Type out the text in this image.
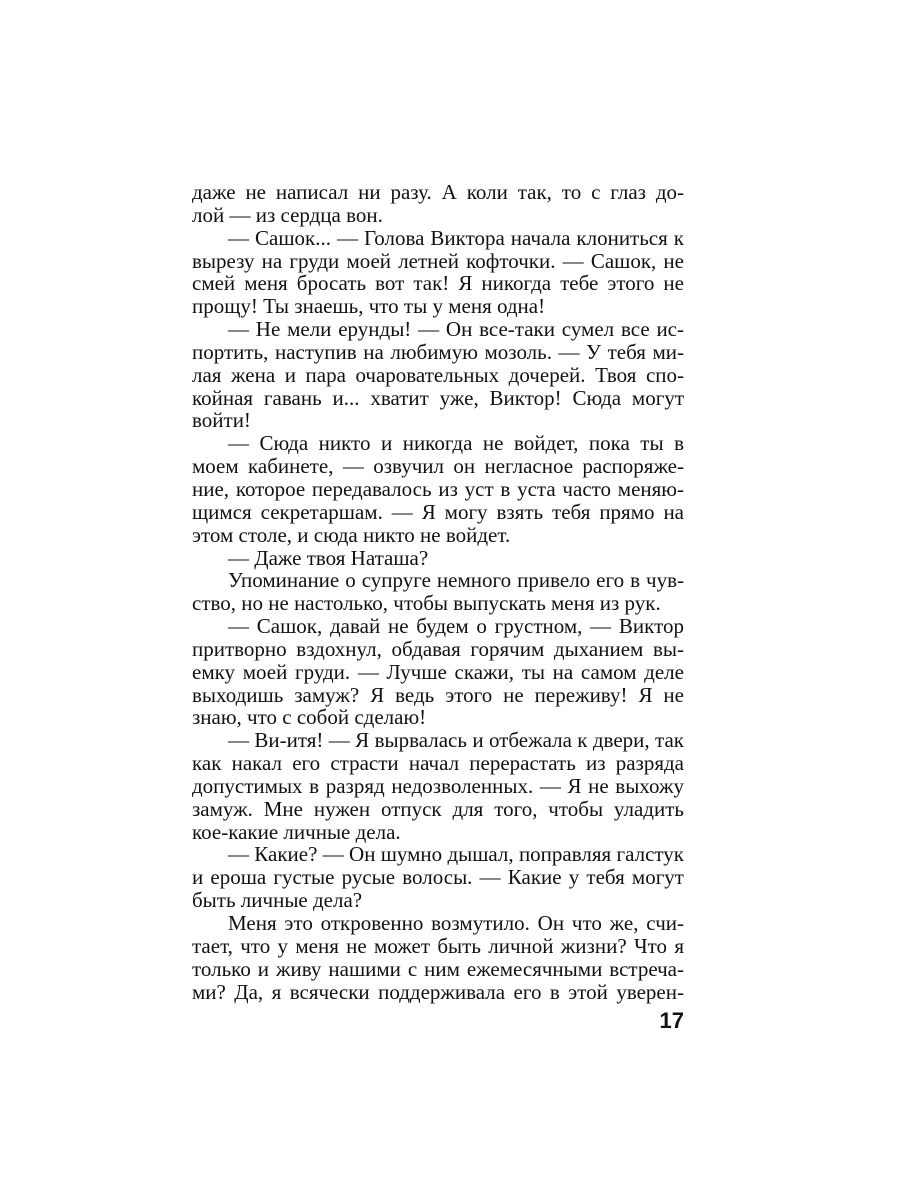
даже не написал ни разу. А коли так, то с глаз до-
лой — из сердца вон.
— Сашок... — Голова Виктора начала клониться к
вырезу на груди моей летней кофточки. — Сашок, не
смей меня бросать вот так! Я никогда тебе этого не
прощу! Ты знаешь, что ты у меня одна!
— Не мели ерунды! — Он все-таки сумел все ис-
портить, наступив на любимую мозоль. — У тебя ми-
лая жена и пара очаровательных дочерей. Твоя спо-
койная гавань и... хватит уже, Виктор! Сюда могут
войти!
— Сюда никто и никогда не войдет, пока ты в
моем кабинете, — озвучил он негласное распоряже-
ние, которое передавалось из уст в уста часто меняю-
щимся секретаршам. — Я могу взять тебя прямо на
этом столе, и сюда никто не войдет.
— Даже твоя Наташа?
Упоминание о супруге немного привело его в чув-
ство, но не настолько, чтобы выпускать меня из рук.
— Сашок, давай не будем о грустном, — Виктор
притворно вздохнул, обдавая горячим дыханием вы-
емку моей груди. — Лучше скажи, ты на самом деле
выходишь замуж? Я ведь этого не переживу! Я не
знаю, что с собой сделаю!
— Ви-итя! — Я вырвалась и отбежала к двери, так
как накал его страсти начал перерастать из разряда
допустимых в разряд недозволенных. — Я не выхожу
замуж. Мне нужен отпуск для того, чтобы уладить
кое-какие личные дела.
— Какие? — Он шумно дышал, поправляя галстук
и ероша густые русые волосы. — Какие у тебя могут
быть личные дела?
Меня это откровенно возмутило. Он что же, счи-
тает, что у меня не может быть личной жизни? Что я
только и живу нашими с ним ежемесячными встреча-
ми? Да, я всячески поддерживала его в этой уверен-
17
